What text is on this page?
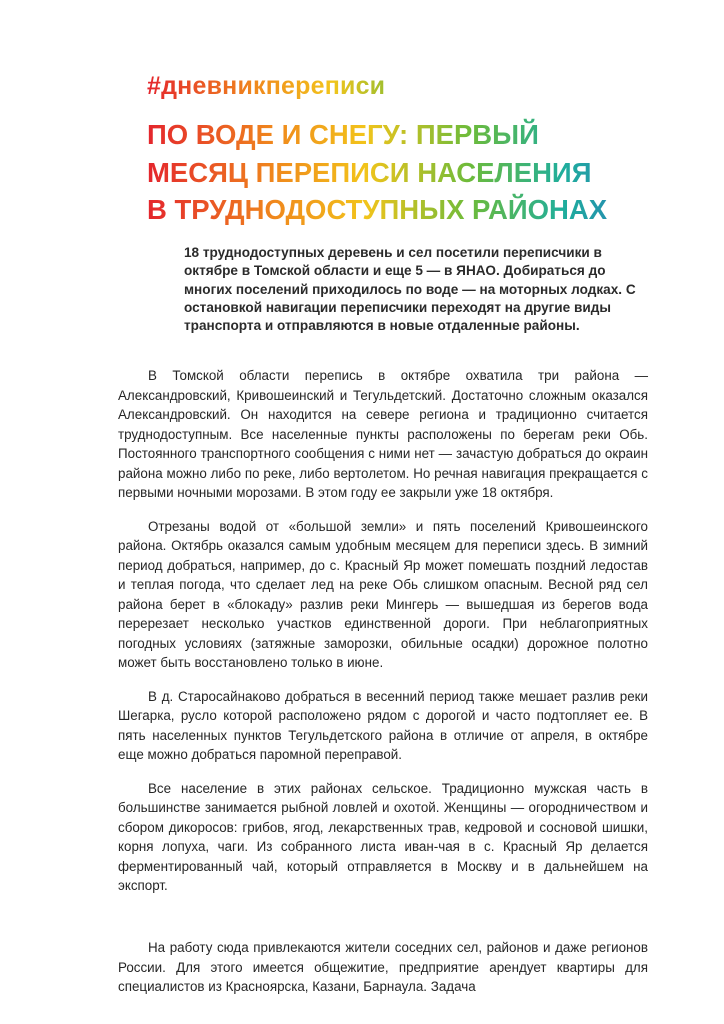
#дневникпереписи
ПО ВОДЕ И СНЕГУ: ПЕРВЫЙ
МЕСЯЦ ПЕРЕПИСИ НАСЕЛЕНИЯ
В ТРУДНОДОСТУПНЫХ РАЙОНАХ
18 труднодоступных деревень и сел посетили переписчики в октябре в Томской области и еще 5 — в ЯНАО. Добираться до многих поселений приходилось по воде — на моторных лодках. С остановкой навигации переписчики переходят на другие виды транспорта и отправляются в новые отдаленные районы.

В Томской области перепись в октябре охватила три района — Александровский, Кривошеинский и Тегульдетский. Достаточно сложным оказался Александровский. Он находится на севере региона и традиционно считается труднодоступным. Все населенные пункты расположены по берегам реки Обь. Постоянного транспортного сообщения с ними нет — зачастую добраться до окраин района можно либо по реке, либо вертолетом. Но речная навигация прекращается с первыми ночными морозами. В этом году ее закрыли уже 18 октября.

Отрезаны водой от «большой земли» и пять поселений Кривошеинского района. Октябрь оказался самым удобным месяцем для переписи здесь. В зимний период добраться, например, до с. Красный Яр может помешать поздний ледостав и теплая погода, что сделает лед на реке Обь слишком опасным. Весной ряд сел района берет в «блокаду» разлив реки Мингерь — вышедшая из берегов вода перерезает несколько участков единственной дороги. При неблагоприятных погодных условиях (затяжные заморозки, обильные осадки) дорожное полотно может быть восстановлено только в июне.

В д. Старосайнаково добраться в весенний период также мешает разлив реки Шегарка, русло которой расположено рядом с дорогой и часто подтопляет ее. В пять населенных пунктов Тегульдетского района в отличие от апреля, в октябре еще можно добраться паромной переправой.

Все население в этих районах сельское. Традиционно мужская часть в большинстве занимается рыбной ловлей и охотой. Женщины — огородничеством и сбором дикоросов: грибов, ягод, лекарственных трав, кедровой и сосновой шишки, корня лопуха, чаги. Из собранного листа иван-чая в с. Красный Яр делается ферментированный чай, который отправляется в Москву и в дальнейшем на экспорт.

На работу сюда привлекаются жители соседних сел, районов и даже регионов России. Для этого имеется общежитие, предприятие арендует квартиры для специалистов из Красноярска, Казани, Барнаула. Задача
